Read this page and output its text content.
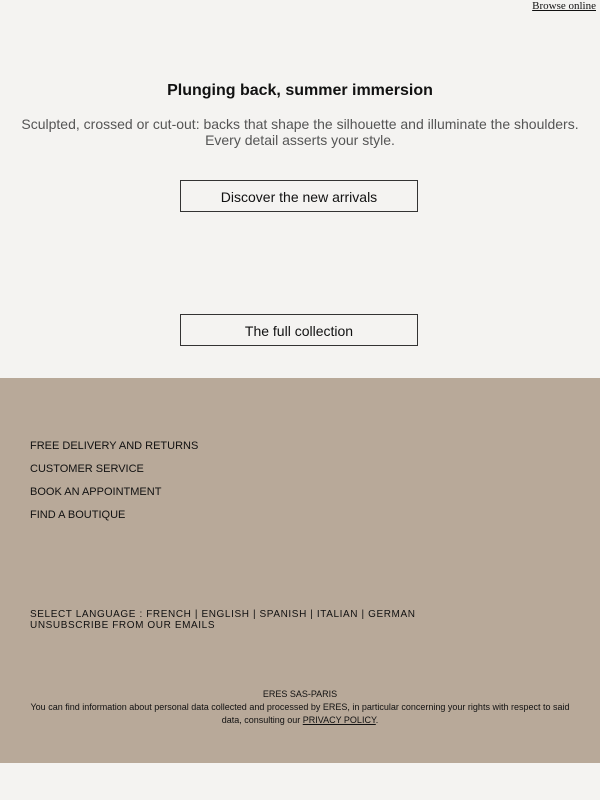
Browse online
Plunging back, summer immersion
Sculpted, crossed or cut-out: backs that shape the silhouette and illuminate the shoulders.
Every detail asserts your style.
Discover the new arrivals
The full collection
FREE DELIVERY AND RETURNS
CUSTOMER SERVICE
BOOK AN APPOINTMENT
FIND A BOUTIQUE
SELECT LANGUAGE : FRENCH | ENGLISH | SPANISH | ITALIAN | GERMAN
UNSUBSCRIBE FROM OUR EMAILS
ERES SAS-PARIS
You can find information about personal data collected and processed by ERES, in particular concerning your rights with respect to said data, consulting our PRIVACY POLICY.
